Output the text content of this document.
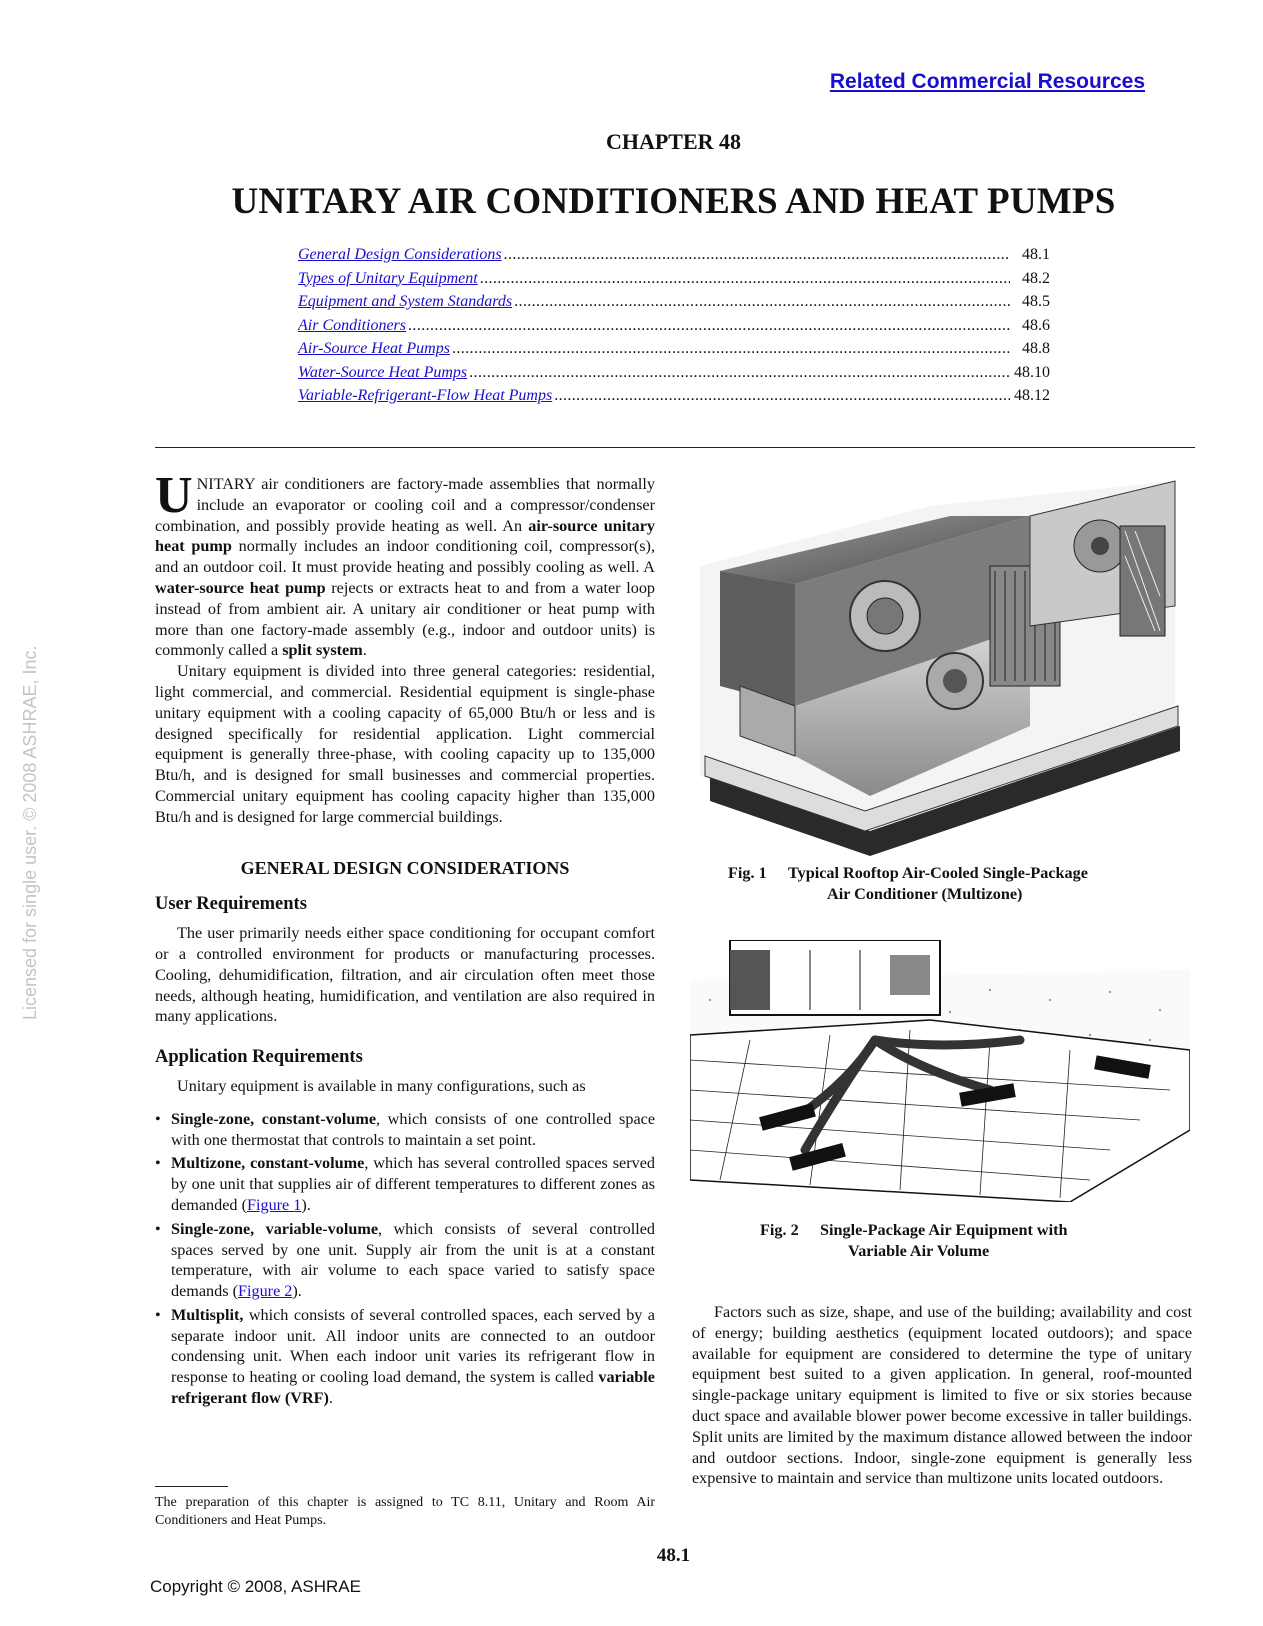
Related Commercial Resources
CHAPTER 48
UNITARY AIR CONDITIONERS AND HEAT PUMPS
General Design Considerations .....	48.1
Types of Unitary Equipment .....	48.2
Equipment and System Standards .....	48.5
Air Conditioners .....	48.6
Air-Source Heat Pumps .....	48.8
Water-Source Heat Pumps .....	48.10
Variable-Refrigerant-Flow Heat Pumps .....	48.12
Licensed for single user. © 2008 ASHRAE, Inc.

UNITARY air conditioners are factory-made assemblies that normally include an evaporator or cooling coil and a compressor/condenser combination, and possibly provide heating as well. An air-source unitary heat pump normally includes an indoor conditioning coil, compressor(s), and an outdoor coil. It must provide heating and possibly cooling as well. A water-source heat pump rejects or extracts heat to and from a water loop instead of from ambient air. A unitary air conditioner or heat pump with more than one factory-made assembly (e.g., indoor and outdoor units) is commonly called a split system.

Unitary equipment is divided into three general categories: residential, light commercial, and commercial. Residential equipment is single-phase unitary equipment with a cooling capacity of 65,000 Btu/h or less and is designed specifically for residential application. Light commercial equipment is generally three-phase, with cooling capacity up to 135,000 Btu/h, and is designed for small businesses and commercial properties. Commercial unitary equipment has cooling capacity higher than 135,000 Btu/h and is designed for large commercial buildings.

GENERAL DESIGN CONSIDERATIONS
User Requirements

The user primarily needs either space conditioning for occupant comfort or a controlled environment for products or manufacturing processes. Cooling, dehumidification, filtration, and air circulation often meet those needs, although heating, humidification, and ventilation are also required in many applications.

Application Requirements

Unitary equipment is available in many configurations, such as

• Single-zone, constant-volume, which consists of one controlled space with one thermostat that controls to maintain a set point.
• Multizone, constant-volume, which has several controlled spaces served by one unit that supplies air of different temperatures to different zones as demanded (Figure 1).
• Single-zone, variable-volume, which consists of several controlled spaces served by one unit. Supply air from the unit is at a constant temperature, with air volume to each space varied to satisfy space demands (Figure 2).
• Multisplit, which consists of several controlled spaces, each served by a separate indoor unit. All indoor units are connected to an outdoor condensing unit. When each indoor unit varies its refrigerant flow in response to heating or cooling load demand, the system is called variable refrigerant flow (VRF).
The preparation of this chapter is assigned to TC 8.11, Unitary and Room Air Conditioners and Heat Pumps.
Fig. 1 Typical Rooftop Air-Cooled Single-Package
Air Conditioner (Multizone)
Fig. 2 Single-Package Air Equipment with
Variable Air Volume

Factors such as size, shape, and use of the building; availability and cost of energy; building aesthetics (equipment located outdoors); and space available for equipment are considered to determine the type of unitary equipment best suited to a given application. In general, roof-mounted single-package unitary equipment is limited to five or six stories because duct space and available blower power become excessive in taller buildings. Split units are limited by the maximum distance allowed between the indoor and outdoor sections. Indoor, single-zone equipment is generally less expensive to maintain and service than multizone units located outdoors.

48.1
Copyright © 2008, ASHRAE
